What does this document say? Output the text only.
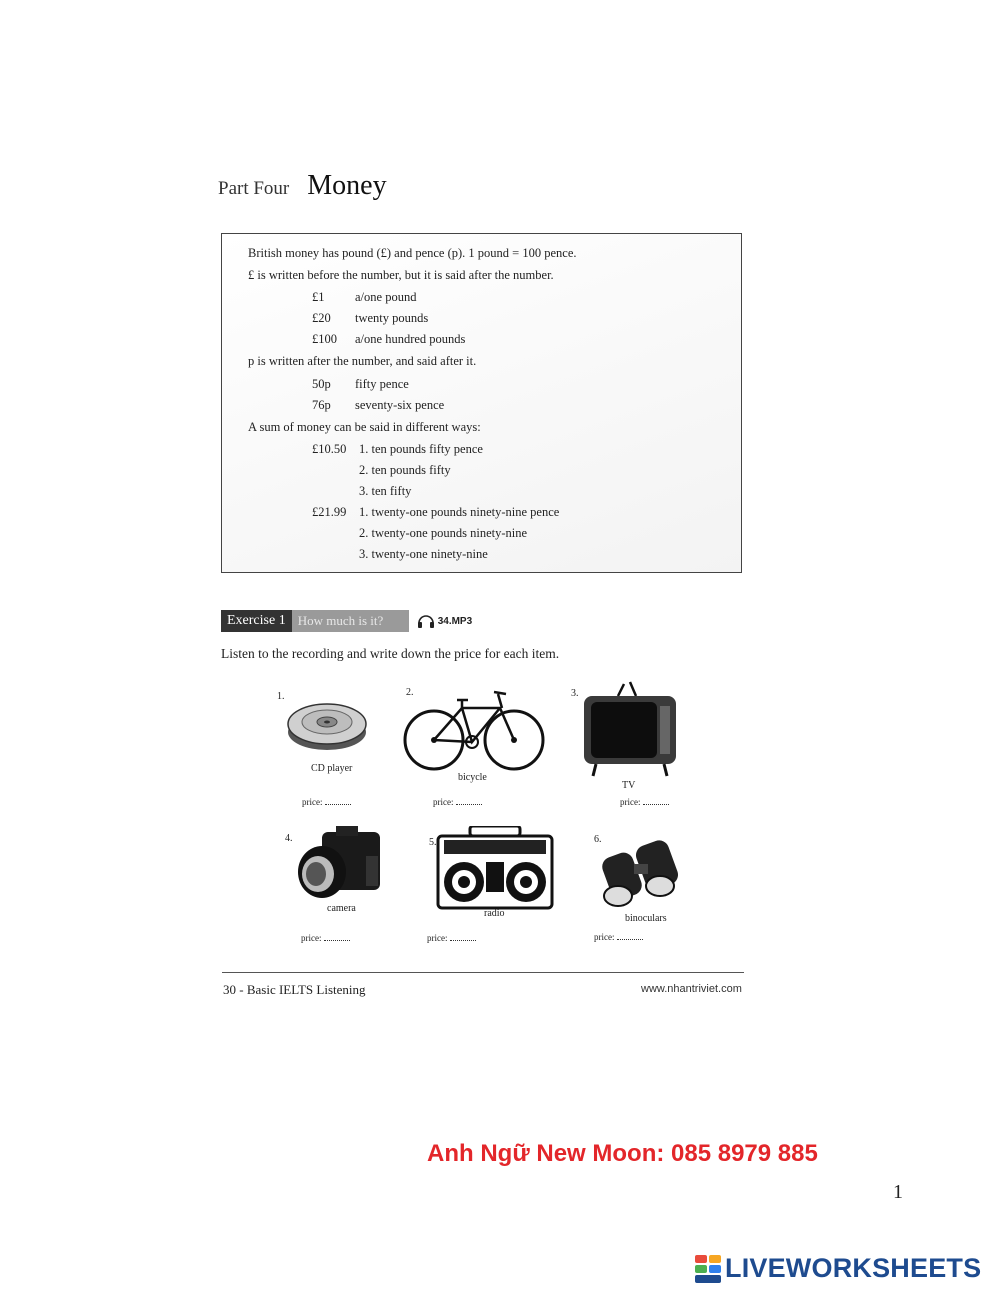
Part Four Money
British money has pound (£) and pence (p). 1 pound = 100 pence.
£ is written before the number, but it is said after the number.
£1 a/one pound
£20 twenty pounds
£100 a/one hundred pounds
p is written after the number, and said after it.
50p fifty pence
76p seventy-six pence
A sum of money can be said in different ways:
£10.50 1. ten pounds fifty pence
2. ten pounds fifty
3. ten fifty
£21.99 1. twenty-one pounds ninety-nine pence
2. twenty-one pounds ninety-nine
3. twenty-one ninety-nine
Exercise 1 How much is it?	34.MP3
Listen to the recording and write down the price for each item.
1.
CD player
price:
2.
bicycle
price:
3.
TV
price:
4.
camera
price:
5.
radio
price:
6.
binoculars
price:
30 - Basic IELTS Listening	www.nhantriviet.com
Anh Ngữ New Moon: 085 8979 885
1
LIVEWORKSHEETS
